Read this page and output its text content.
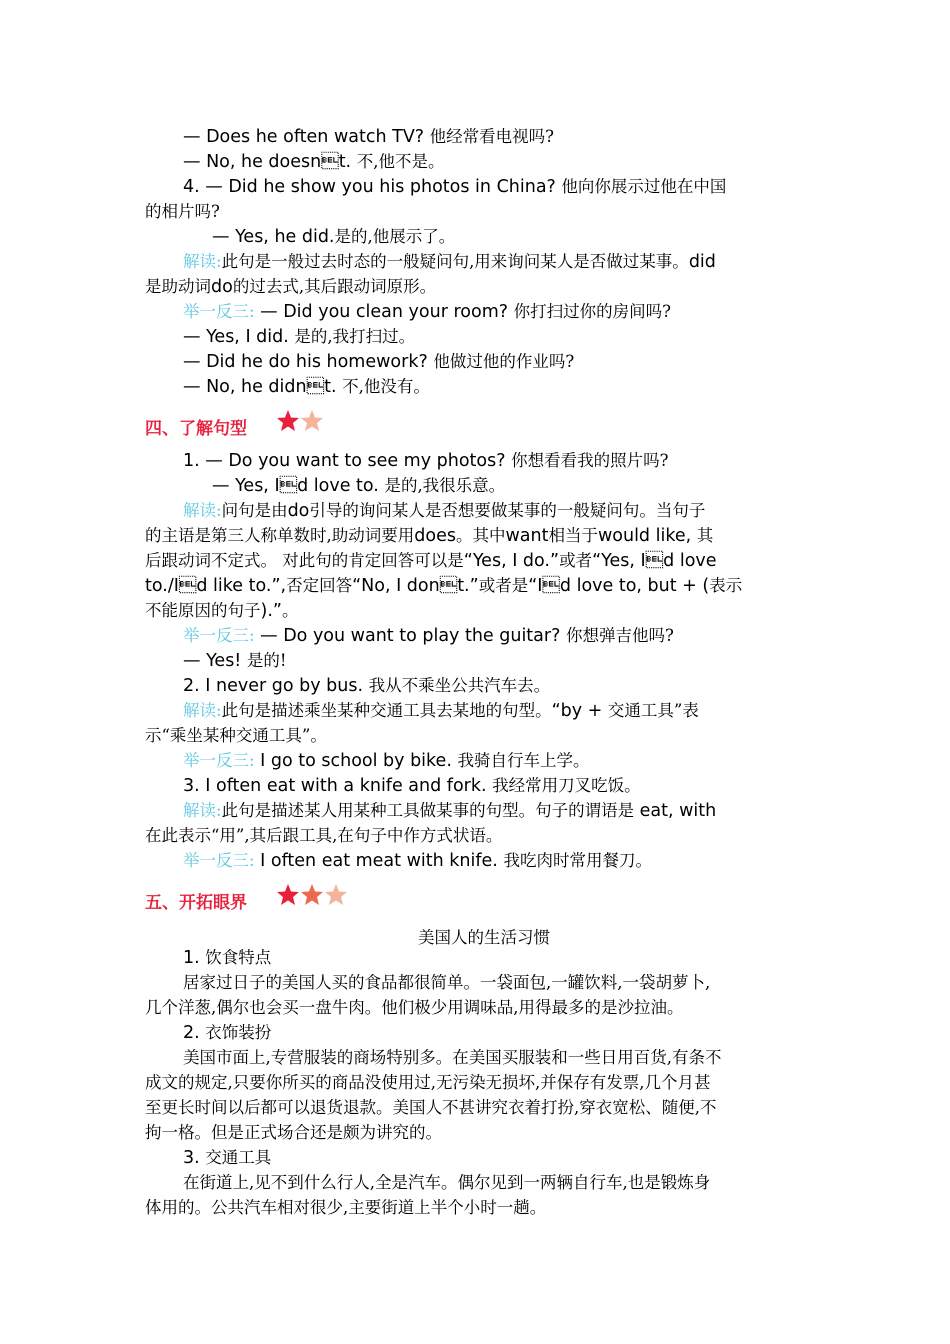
— Does he often watch TV? 他经常看电视吗?
— No, he doesnt. 不,他不是。
4. — Did he show you his photos in China? 他向你展示过他在中国
的相片吗?
— Yes, he did.是的,他展示了。
解读:此句是一般过去时态的一般疑问句,用来询问某人是否做过某事。did
是助动词do的过去式,其后跟动词原形。
举一反三: — Did you clean your room? 你打扫过你的房间吗?
— Yes, I did. 是的,我打扫过。
— Did he do his homework? 他做过他的作业吗?
— No, he didnt. 不,他没有。
四、了解句型
1. — Do you want to see my photos? 你想看看我的照片吗?
— Yes, Id love to. 是的,我很乐意。
解读:问句是由do引导的询问某人是否想要做某事的一般疑问句。当句子
的主语是第三人称单数时,助动词要用does。其中want相当于would like, 其
后跟动词不定式。 对此句的肯定回答可以是“Yes, I do.”或者“Yes, Id love
to./Id like to.”,否定回答“No, I dont.”或者是“Id love to, but + (表示
不能原因的句子).”。
举一反三: — Do you want to play the guitar? 你想弹吉他吗?
— Yes! 是的!
2. I never go by bus. 我从不乘坐公共汽车去。
解读:此句是描述乘坐某种交通工具去某地的句型。“by + 交通工具”表
示“乘坐某种交通工具”。
举一反三: I go to school by bike. 我骑自行车上学。
3. I often eat with a knife and fork. 我经常用刀叉吃饭。
解读:此句是描述某人用某种工具做某事的句型。句子的谓语是 eat, with
在此表示“用”,其后跟工具,在句子中作方式状语。
举一反三: I often eat meat with knife. 我吃肉时常用餐刀。
五、开拓眼界
美国人的生活习惯
1. 饮食特点
居家过日子的美国人买的食品都很简单。一袋面包,一罐饮料,一袋胡萝卜,
几个洋葱,偶尔也会买一盘牛肉。他们极少用调味品,用得最多的是沙拉油。
2. 衣饰装扮
美国市面上,专营服装的商场特别多。在美国买服装和一些日用百货,有条不
成文的规定,只要你所买的商品没使用过,无污染无损坏,并保存有发票,几个月甚
至更长时间以后都可以退货退款。美国人不甚讲究衣着打扮,穿衣宽松、随便,不
拘一格。但是正式场合还是颇为讲究的。
3. 交通工具
在街道上,见不到什么行人,全是汽车。偶尔见到一两辆自行车,也是锻炼身
体用的。公共汽车相对很少,主要街道上半个小时一趟。
